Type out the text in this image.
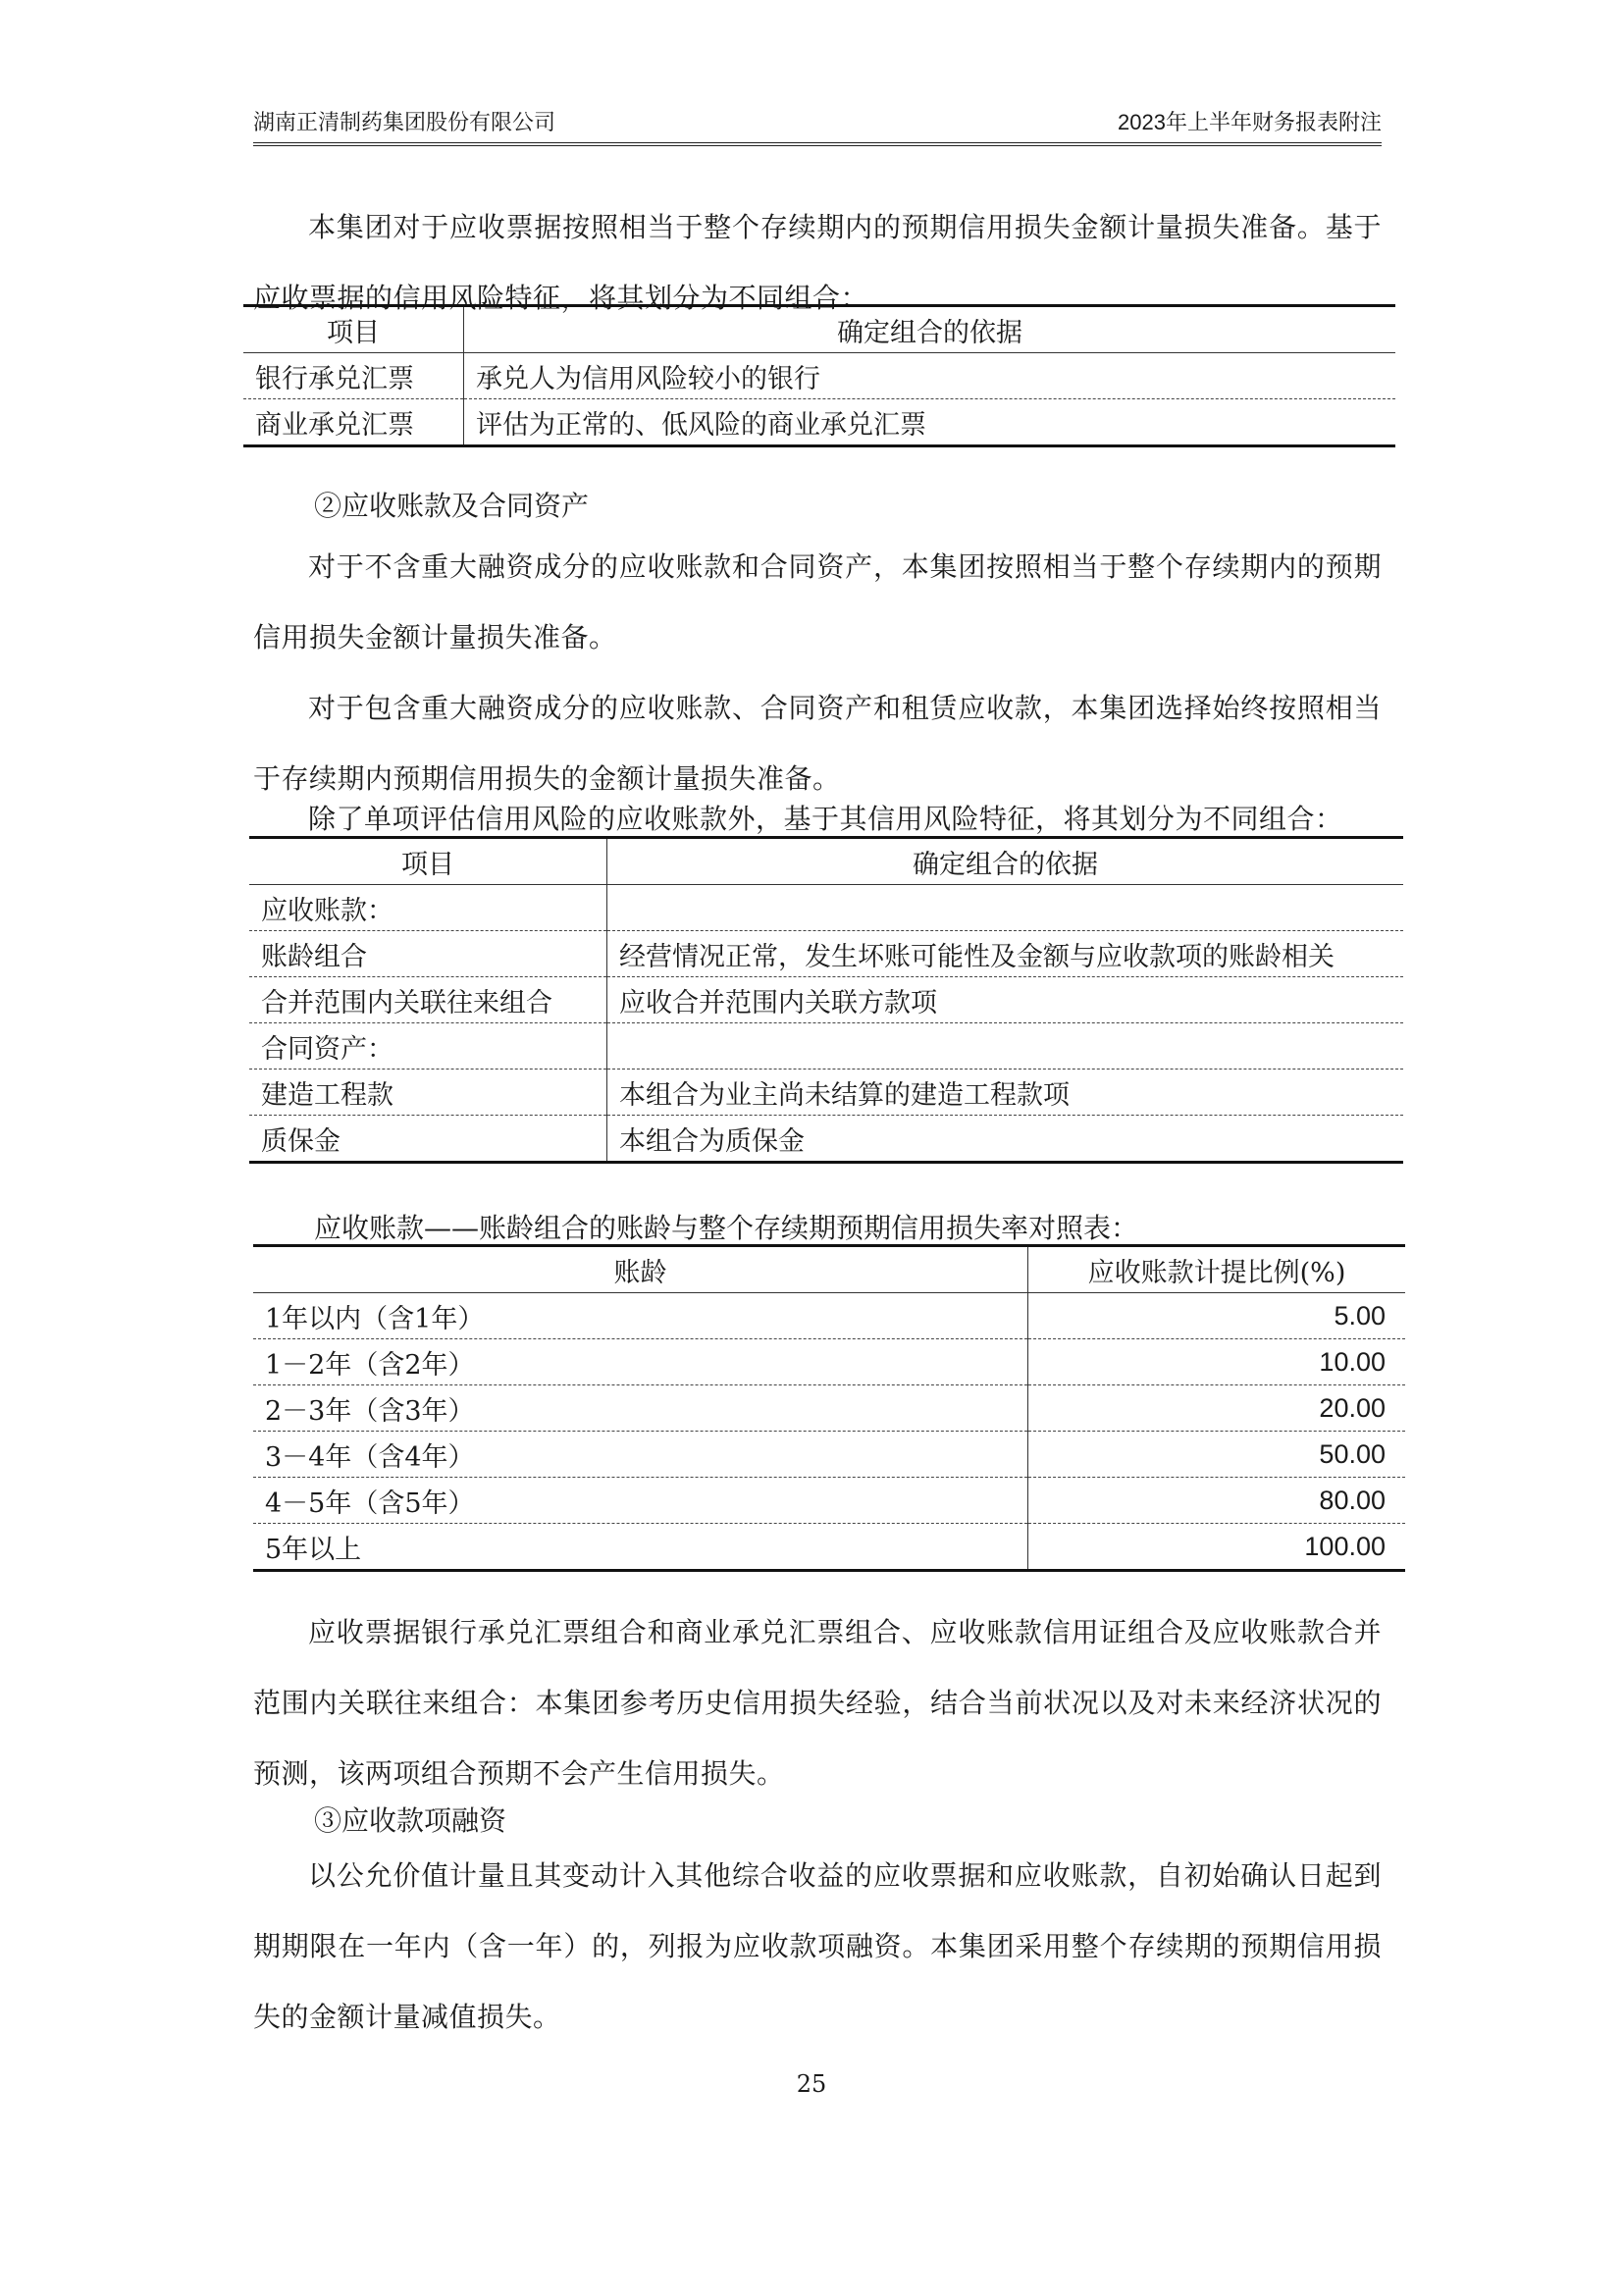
湖南正清制药集团股份有限公司	2023年上半年财务报表附注

本集团对于应收票据按照相当于整个存续期内的预期信用损失金额计量损失准备。基于应收票据的信用风险特征，将其划分为不同组合：

项目	确定组合的依据
银行承兑汇票	承兑人为信用风险较小的银行
商业承兑汇票	评估为正常的、低风险的商业承兑汇票

②应收账款及合同资产

对于不含重大融资成分的应收账款和合同资产，本集团按照相当于整个存续期内的预期信用损失金额计量损失准备。

对于包含重大融资成分的应收账款、合同资产和租赁应收款，本集团选择始终按照相当于存续期内预期信用损失的金额计量损失准备。

除了单项评估信用风险的应收账款外，基于其信用风险特征，将其划分为不同组合：

项目	确定组合的依据
应收账款：	
账龄组合	经营情况正常，发生坏账可能性及金额与应收款项的账龄相关
合并范围内关联往来组合	应收合并范围内关联方款项
合同资产：	
建造工程款	本组合为业主尚未结算的建造工程款项
质保金	本组合为质保金

应收账款——账龄组合的账龄与整个存续期预期信用损失率对照表：

账龄	应收账款计提比例(%)
1年以内（含1年）	5.00
1－2年（含2年）	10.00
2－3年（含3年）	20.00
3－4年（含4年）	50.00
4－5年（含5年）	80.00
5年以上	100.00

应收票据银行承兑汇票组合和商业承兑汇票组合、应收账款信用证组合及应收账款合并范围内关联往来组合：本集团参考历史信用损失经验，结合当前状况以及对未来经济状况的预测，该两项组合预期不会产生信用损失。

③应收款项融资

以公允价值计量且其变动计入其他综合收益的应收票据和应收账款，自初始确认日起到期期限在一年内（含一年）的，列报为应收款项融资。本集团采用整个存续期的预期信用损失的金额计量减值损失。

25
